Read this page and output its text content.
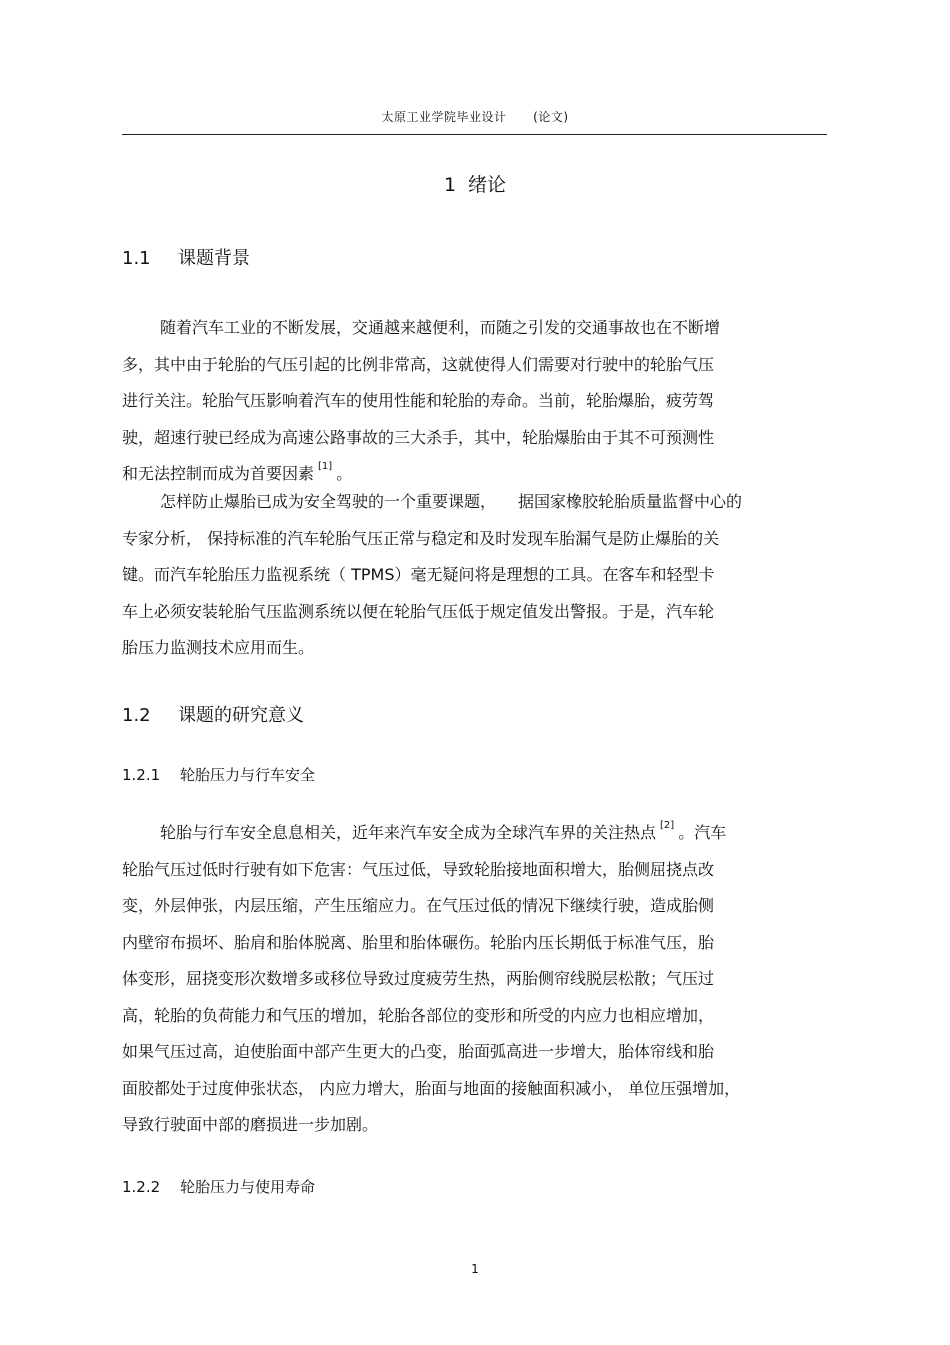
太原工业学院毕业设计 (论文)
1 绪论
1.1 课题背景
随着汽车工业的不断发展，交通越来越便利，而随之引发的交通事故也在不断增
多，其中由于轮胎的气压引起的比例非常高，这就使得人们需要对行驶中的轮胎气压
进行关注。轮胎气压影响着汽车的使用性能和轮胎的寿命。当前，轮胎爆胎，疲劳驾
驶，超速行驶已经成为高速公路事故的三大杀手，其中，轮胎爆胎由于其不可预测性
和无法控制而成为首要因素 [1] 。
怎样防止爆胎已成为安全驾驶的一个重要课题， 据国家橡胶轮胎质量监督中心的
专家分析， 保持标准的汽车轮胎气压正常与稳定和及时发现车胎漏气是防止爆胎的关
键。而汽车轮胎压力监视系统（ TPMS）毫无疑问将是理想的工具。在客车和轻型卡
车上必须安装轮胎气压监测系统以便在轮胎气压低于规定值发出警报。于是，汽车轮
胎压力监测技术应用而生。
1.2 课题的研究意义
1.2.1 轮胎压力与行车安全
轮胎与行车安全息息相关，近年来汽车安全成为全球汽车界的关注热点 [2] 。汽车
轮胎气压过低时行驶有如下危害：气压过低，导致轮胎接地面积增大，胎侧屈挠点改
变，外层伸张，内层压缩，产生压缩应力。在气压过低的情况下继续行驶，造成胎侧
内壁帘布损坏、胎肩和胎体脱离、胎里和胎体碾伤。轮胎内压长期低于标准气压，胎
体变形，屈挠变形次数增多或移位导致过度疲劳生热，两胎侧帘线脱层松散；气压过
高，轮胎的负荷能力和气压的增加，轮胎各部位的变形和所受的内应力也相应增加，
如果气压过高，迫使胎面中部产生更大的凸变，胎面弧高进一步增大，胎体帘线和胎
面胶都处于过度伸张状态， 内应力增大，胎面与地面的接触面积减小， 单位压强增加，
导致行驶面中部的磨损进一步加剧。
1.2.2 轮胎压力与使用寿命
1
